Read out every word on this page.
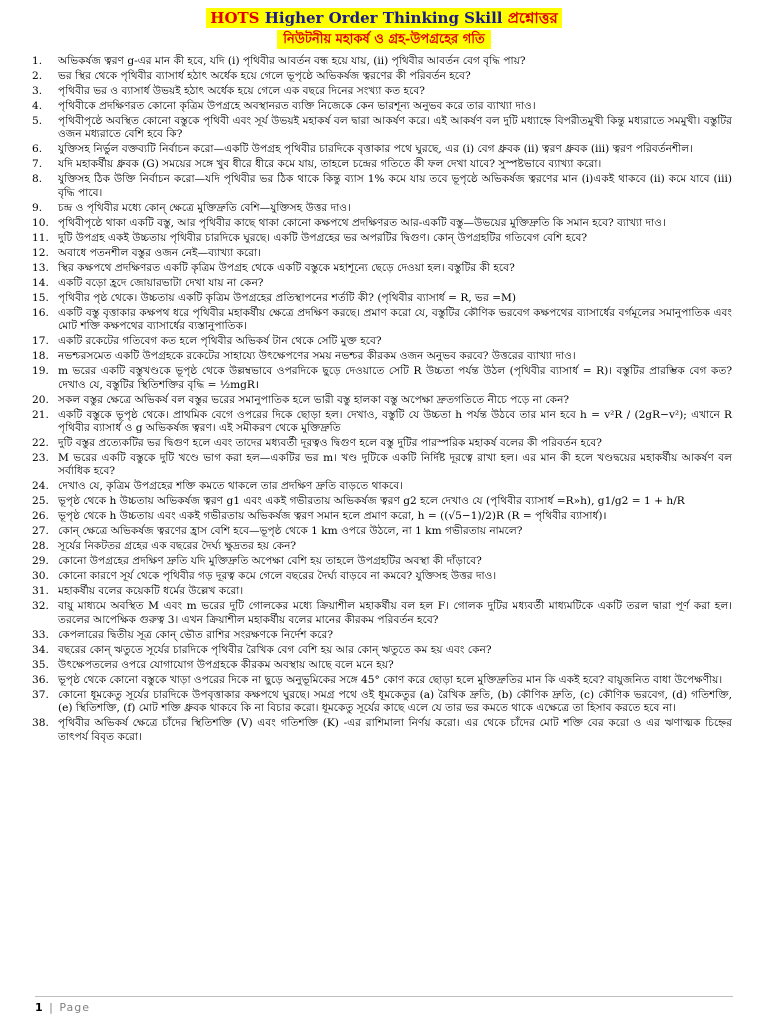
HOTS Higher Order Thinking Skill প্রশ্নোত্তর
নিউটনীয় মহাকর্ষ ও গ্রহ-উপগ্রহের গতি
1.	অভিকর্ষজ ত্বরণ g-এর মান কী হবে, যদি (i) পৃথিবীর আবর্তন বন্ধ হয়ে যায়, (ii) পৃথিবীর আবর্তন বেগ বৃদ্ধি পায়?
2.	ভর স্থির থেকে পৃথিবীর ব্যাসার্ধ হঠাৎ অর্ধেক হয়ে গেলে ভূপৃষ্ঠে অভিকর্ষজ ত্বরণের কী পরিবর্তন হবে?
3.	পৃথিবীর ভর ও ব্যাসার্ধ উভয়ই হঠাৎ অর্ধেক হয়ে গেলে এক বছরে দিনের সংখ্যা কত হবে?
4.	পৃথিবীকে প্রদক্ষিণরত কোনো কৃত্রিম উপগ্রহে অবস্থানরত ব্যক্তি নিজেকে কেন ভারশূন্য অনুভব করে তার ব্যাখ্যা দাও।
5.	পৃথিবীপৃষ্ঠে অবস্থিত কোনো বস্তুকে পৃথিবী এবং সূর্য উভয়ই মহাকর্ষ বল দ্বারা আকর্ষণ করে। এই আকর্ষণ বল দুটি মধ্যাহ্নে বিপরীতমুখী কিন্তু মধ্যরাতে সমমুখী। বস্তুটির ওজন মধ্যরাতে বেশি হবে কি?
6.	যুক্তিসহ নির্ভুল বক্তব্যটি নির্বাচন করো—একটি উপগ্রহ পৃথিবীর চারদিকে বৃত্তাকার পথে ঘুরছে, এর (i) বেগ ধ্রুবক (ii) ত্বরণ ধ্রুবক (iii) ত্বরণ পরিবর্তনশীল।
7.	যদি মহাকর্ষীয় ধ্রুবক (G) সময়ের সঙ্গে খুব ধীরে ধীরে কমে যায়, তাহলে চন্দ্রের গতিতে কী ফল দেখা যাবে? সুস্পষ্টভাবে ব্যাখ্যা করো।
8.	যুক্তিসহ ঠিক উক্তি নির্বাচন করো—যদি পৃথিবীর ভর ঠিক থাকে কিন্তু ব্যাস 1% কমে যায় তবে ভূপৃষ্ঠে অভিকর্ষজ ত্বরণের মান (i)একই থাকবে (ii) কমে যাবে (iii) বৃদ্ধি পাবে।
9.	চন্দ্র ও পৃথিবীর মধ্যে কোন্ ক্ষেত্রে মুক্তিদ্রুতি বেশি—যুক্তিসহ উত্তর দাও।
10. পৃথিবীপৃষ্ঠে থাকা একটি বস্তু, আর পৃথিবীর কাছে থাকা কোনো কক্ষপথে প্রদক্ষিণরত আর-একটি বস্তু—উভয়ের মুক্তিদ্রুতি কি সমান হবে? ব্যাখ্যা দাও।
11. দুটি উপগ্রহ একই উচ্চতায় পৃথিবীর চারদিকে ঘুরছে। একটি উপগ্রহের ভর অপরটির দ্বিগুণ। কোন্ উপগ্রহটির গতিবেগ বেশি হবে?
12. অবাধে পতনশীল বস্তুর ওজন নেই—ব্যাখ্যা করো।
13. স্থির কক্ষপথে প্রদক্ষিণরত একটি কৃত্রিম উপগ্রহ থেকে একটি বস্তুকে মহাশূন্যে ছেড়ে দেওয়া হল। বস্তুটির কী হবে?
14. একটি বড়ো হ্রদে জোয়ারভাটা দেখা যায় না কেন?
15. পৃথিবীর পৃষ্ঠ থেকে। উচ্চতায় একটি কৃত্রিম উপগ্রহের প্রতিস্থাপনের শর্তটি কী? (পৃথিবীর ব্যাসার্ধ = R, ভর =M)
16. একটি বস্তু বৃত্তাকার কক্ষপথ ধরে পৃথিবীর মহাকর্ষীয় ক্ষেত্রে প্রদক্ষিণ করছে। প্রমাণ করো যে, বস্তুটির কৌণিক ভরবেগ কক্ষপথের ব্যাসার্ধের বর্গমূলের সমানুপাতিক এবং মোট শক্তি কক্ষপথের ব্যাসার্ধের ব্যস্তানুপাতিক।
17. একটি রকেটের গতিবেগ কত হলে পৃথিবীর অভিকর্ষ টান থেকে সেটি মুক্ত হবে?
18. নভশ্চরসমেত একটি উপগ্রহকে রকেটের সাহায্যে উৎক্ষেপণের সময় নভশ্চর কীরকম ওজন অনুভব করবে? উত্তরের ব্যাখ্যা দাও।
19. m ভরের একটি বস্তুখণ্ডকে ভূপৃষ্ঠ থেকে উল্লম্বভাবে ওপরদিকে ছুড়ে দেওয়াতে সেটি R উচ্চতা পর্যন্ত উঠল (পৃথিবীর ব্যাসার্ধ = R)। বস্তুটির প্রারম্ভিক বেগ কত? দেখাও যে, বস্তুটির স্থিতিশক্তির বৃদ্ধি = ½mgR।
20. সকল বস্তুর ক্ষেত্রে অভিকর্ষ বল বস্তুর ভরের সমানুপাতিক হলে ভারী বস্তু হালকা বস্তু অপেক্ষা দ্রুতগতিতে নীচে পড়ে না কেন?
21. একটি বস্তুকে ভূপৃষ্ঠ থেকে। প্রাথমিক বেগে ওপরের দিকে ছোড়া হল। দেখাও, বস্তুটি যে উচ্চতা h পর্যন্ত উঠবে তার মান হবে h = v²R / (2gR−v²); এখানে R পৃথিবীর ব্যাসার্ধ ও g অভিকর্ষজ ত্বরণ। এই সমীকরণ থেকে মুক্তিদ্রুতি
22. দুটি বস্তুর প্রত্যেকটির ভর দ্বিগুণ হলে এবং তাদের মধ্যবর্তী দূরত্বও দ্বিগুণ হলে বস্তু দুটির পারস্পরিক মহাকর্ষ বলের কী পরিবর্তন হবে?
23. M ভরের একটি বস্তুকে দুটি খণ্ডে ভাগ করা হল—একটির ভর m। খণ্ড দুটিকে একটি নির্দিষ্ট দূরত্বে রাখা হল। এর মান কী হলে খণ্ডদ্বয়ের মহাকর্ষীয় আকর্ষণ বল সর্বাধিক হবে?
24. দেখাও যে, কৃত্রিম উপগ্রহের শক্তি কমতে থাকলে তার প্রদক্ষিণ দ্রুতি বাড়তে থাকবে।
25. ভূপৃষ্ঠ থেকে h উচ্চতায় অভিকর্ষজ ত্বরণ g1 এবং একই গভীরতায় অভিকর্ষজ ত্বরণ g2 হলে দেখাও যে (পৃথিবীর ব্যাসার্ধ =R»h), g1/g2 = 1 + h/R
26. ভূপৃষ্ঠ থেকে h উচ্চতায় এবং একই গভীরতায় অভিকর্ষজ ত্বরণ সমান হলে প্রমাণ করো, h = ((√5−1)/2)R (R = পৃথিবীর ব্যাসার্ধ)।
27. কোন্ ক্ষেত্রে অভিকর্ষজ ত্বরণের হ্রাস বেশি হবে—ভূপৃষ্ঠ থেকে 1 km ওপরে উঠলে, না 1 km গভীরতায় নামলে?
28. সূর্যের নিকটতর গ্রহের এক বছরের দৈর্ঘ্য ক্ষুদ্রতর হয় কেন?
29. কোনো উপগ্রহের প্রদক্ষিণ দ্রুতি যদি মুক্তিদ্রুতি অপেক্ষা বেশি হয় তাহলে উপগ্রহটির অবস্থা কী দাঁড়াবে?
30. কোনো কারণে সূর্য থেকে পৃথিবীর গড় দূরত্ব কমে গেলে বছরের দৈর্ঘ্য বাড়বে না কমবে? যুক্তিসহ উত্তর দাও।
31. মহাকর্ষীয় বলের কয়েকটি ধর্মের উল্লেখ করো।
32. বায়ু মাধ্যমে অবস্থিত M এবং m ভরের দুটি গোলকের মধ্যে ক্রিয়াশীল মহাকর্ষীয় বল হল F। গোলক দুটির মধ্যবর্তী মাধ্যমটিকে একটি তরল দ্বারা পূর্ণ করা হল। তরলের আপেক্ষিক গুরুত্ব 3। এখন ক্রিয়াশীল মহাকর্ষীয় বলের মানের কীরকম পরিবর্তন হবে?
33. কেপলারের দ্বিতীয় সূত্র কোন্ ভৌত রাশির সংরক্ষণকে নির্দেশ করে?
34. বছরের কোন্ ঋতুতে সূর্যের চারদিকে পৃথিবীর রৈখিক বেগ বেশি হয় আর কোন্ ঋতুতে কম হয় এবং কেন?
35. উৎক্ষেপতলের ওপরে যোগাযোগ উপগ্রহকে কীরকম অবস্থায় আছে বলে মনে হয়?
36. ভূপৃষ্ঠ থেকে কোনো বস্তুকে খাড়া ওপরের দিকে না ছুড়ে অনুভূমিকের সঙ্গে 45° কোণ করে ছোড়া হলে মুক্তিদ্রুতির মান কি একই হবে? বায়ুজনিত বাধা উপেক্ষণীয়।
37. কোনো ধূমকেতু সূর্যের চারদিকে উপবৃত্তাকার কক্ষপথে ঘুরছে। সমগ্র পথে ওই ধূমকেতুর (a) রৈখিক দ্রুতি, (b) কৌণিক দ্রুতি, (c) কৌণিক ভরবেগ, (d) গতিশক্তি, (e) স্থিতিশক্তি, (f) মোট শক্তি ধ্রুবক থাকবে কি না বিচার করো। ধূমকেতু সূর্যের কাছে এলে যে তার ভর কমতে থাকে এক্ষেত্রে তা হিসাব করতে হবে না।
38. পৃথিবীর অভিকর্ষ ক্ষেত্রে চাঁদের স্থিতিশক্তি (V) এবং গতিশক্তি (K) -এর রাশিমালা নির্ণয় করো। এর থেকে চাঁদের মোট শক্তি বের করো ও এর ঋণাত্মক চিহ্নের তাৎপর্য বিবৃত করো।
1 | Page
